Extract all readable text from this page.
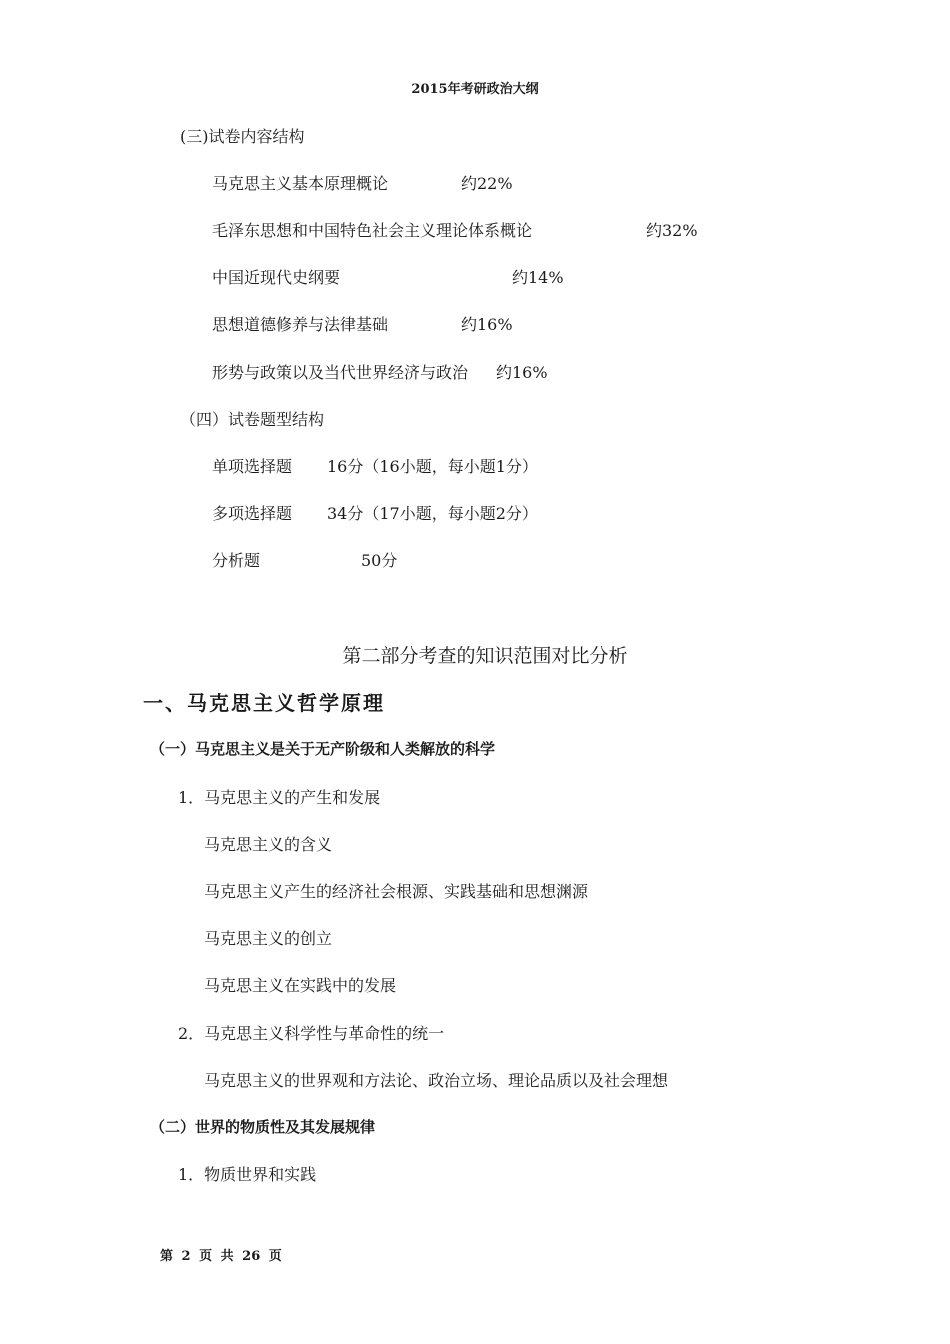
2015年考研政治大纲
(三)试卷内容结构
马克思主义基本原理概论	约22%
毛泽东思想和中国特色社会主义理论体系概论	约32%
中国近现代史纲要	约14%
思想道德修养与法律基础	约16%
形势与政策以及当代世界经济与政治 约16%
（四）试卷题型结构
单项选择题 16分（16小题，每小题1分）
多项选择题 34分（17小题，每小题2分）
分析题	50分
第二部分考查的知识范围对比分析
一、马克思主义哲学原理
（一）马克思主义是关于无产阶级和人类解放的科学
1．马克思主义的产生和发展
马克思主义的含义
马克思主义产生的经济社会根源、实践基础和思想渊源
马克思主义的创立
马克思主义在实践中的发展
2．马克思主义科学性与革命性的统一
马克思主义的世界观和方法论、政治立场、理论品质以及社会理想
（二）世界的物质性及其发展规律
1．物质世界和实践
第 2 页 共 26 页
